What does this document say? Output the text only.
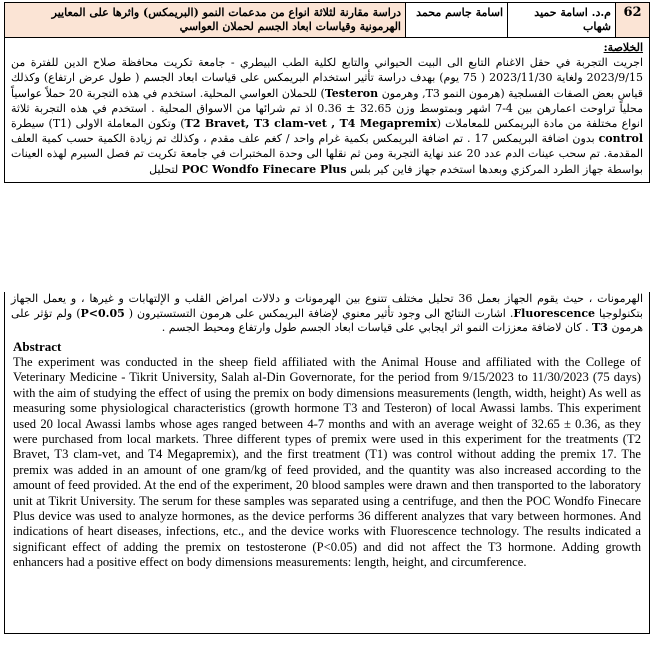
62
م.د. اسامة حميد شهاب
اسامة جاسم محمد
دراسة مقارنة لثلاثة انواع من مدعمات النمو (البريمكس) واثرها على المعايير الهرمونية وقياسات ابعاد الجسم لحملان العواسي
الخلاصة:
اجريت التجربة في حقل الاغنام التابع الى البيت الحيواني والتابع لكلية الطب البيطري - جامعة تكريت محافظة صلاح الدين للفترة من 2023/9/15 ولغاية 2023/11/30 ( 75 يوم) بهدف دراسة تأثير استخدام البريمكس على قياسات ابعاد الجسم ( طول عرض ارتفاع) وكذلك قياس بعض الصفات الفسلجية (هرمون النمو T3, وهرمون Testeron) للحملان العواسي المحلية. استخدم في هذه التجربة 20 حملاً عواسياً محلياً تراوحت اعمارهن بين 4-7 اشهر وبمتوسط وزن 32.65 ± 0.36 اذ تم شرائها من الاسواق المحلية . استخدم في هذه التجربة ثلاثة انواع مختلفة من مادة البريمكس للمعاملات (T2 Bravet, T3 clam-vet , T4 Megapremix) وتكون المعاملة الاولى (T1) سيطرة control بدون اضافة البريمكس 17 . تم اضافة البريمكس بكمية غرام واحد / كغم علف مقدم ، وكذلك تم زيادة الكمية حسب كمية العلف المقدمة. تم سحب عينات الدم عدد 20 عند نهاية التجربة ومن ثم نقلها الى وحدة المختبرات في جامعة تكريت تم فصل السيرم لهذه العينات بواسطة جهاز الطرد المركزي وبعدها استخدم جهاز فاين كير بلس POC Wondfo Finecare Plus لتحليل
الهرمونات ، حيث يقوم الجهاز بعمل 36 تحليل مختلف تتنوع بين الهرمونات و دلالات امراض القلب و الإلتهابات و غيرها ، و يعمل الجهاز بتكنولوجيا Fluorescence. اشارت النتائج الى وجود تأثير معنوي لإضافة البريمكس على هرمون التستستيرون ( P<0.05) ولم تؤثر على هرمون T3 . كان لاضافة معززات النمو اثر ايجابي على قياسات ابعاد الجسم طول وارتفاع ومحيط الجسم .
Abstract

The experiment was conducted in the sheep field affiliated with the Animal House and affiliated with the College of Veterinary Medicine - Tikrit University, Salah al-Din Governorate, for the period from 9/15/2023 to 11/30/2023 (75 days) with the aim of studying the effect of using the premix on body dimensions measurements (length, width, height) As well as measuring some physiological characteristics (growth hormone T3 and Testeron) of local Awassi lambs. This experiment used 20 local Awassi lambs whose ages ranged between 4-7 months and with an average weight of 32.65 ± 0.36, as they were purchased from local markets. Three different types of premix were used in this experiment for the treatments (T2 Bravet, T3 clam-vet, and T4 Megapremix), and the first treatment (T1) was control without adding the premix 17. The premix was added in an amount of one gram/kg of feed provided, and the quantity was also increased according to the amount of feed provided. At the end of the experiment, 20 blood samples were drawn and then transported to the laboratory unit at Tikrit University. The serum for these samples was separated using a centrifuge, and then the POC Wondfo Finecare Plus device was used to analyze hormones, as the device performs 36 different analyzes that vary between hormones. And indications of heart diseases, infections, etc., and the device works with Fluorescence technology. The results indicated a significant effect of adding the premix on testosterone (P<0.05) and did not affect the T3 hormone. Adding growth enhancers had a positive effect on body dimensions measurements: length, height, and circumference.
